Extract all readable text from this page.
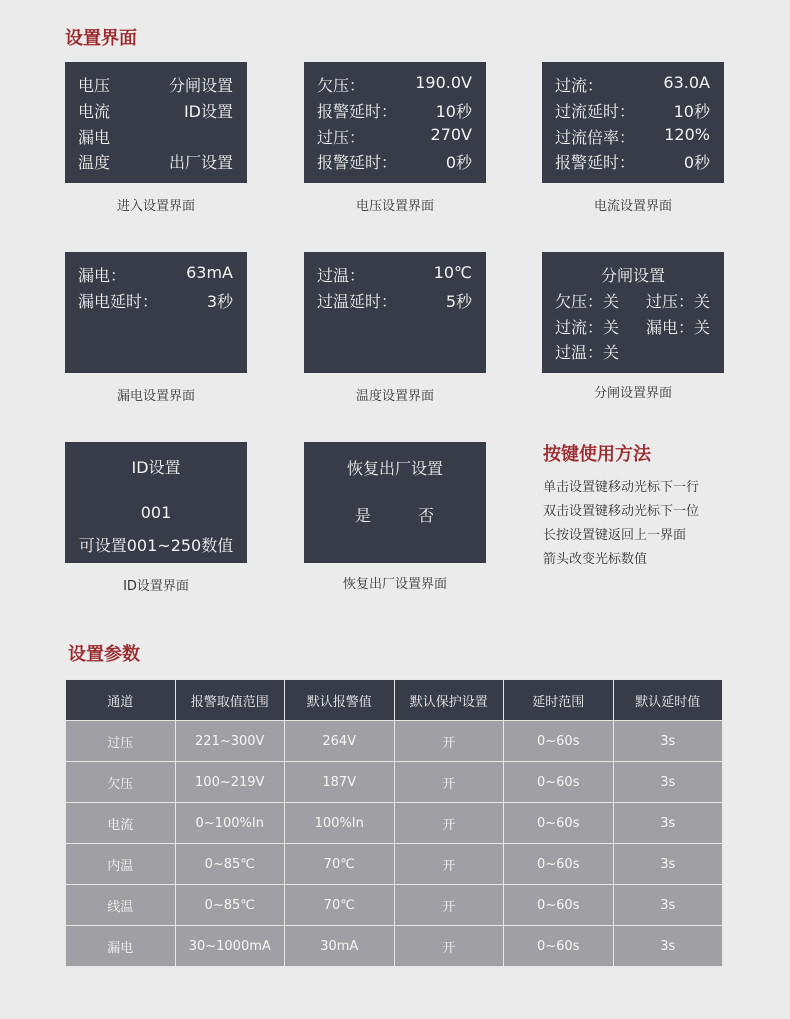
设置界面
电压	分闸设置
电流	ID设置
漏电
温度	出厂设置
进入设置界面
欠压：	190.0V
报警延时： 10秒
过压：	270V
报警延时：	0秒
电压设置界面
过流：	63.0A
过流延时： 10秒
过流倍率： 120%
报警延时：	0秒
电流设置界面
漏电：	63mA
漏电延时：	3秒
漏电设置界面
过温：	10℃
过温延时：	5秒
温度设置界面
分闸设置
欠压：关 过压：关
过流：关 漏电：关
过温：关
分闸设置界面
ID设置
001
可设置001~250数值
ID设置界面
恢复出厂设置
是	否
恢复出厂设置界面
按键使用方法
单击设置键移动光标下一行
双击设置键移动光标下一位
长按设置键返回上一界面
箭头改变光标数值
设置参数
通道	报警取值范围	默认报警值	默认保护设置	延时范围	默认延时值
过压	221~300V	264V	开	0~60s	3s
欠压	100~219V	187V	开	0~60s	3s
电流	0~100%In	100%In	开	0~60s	3s
内温	0~85℃	70℃	开	0~60s	3s
线温	0~85℃	70℃	开	0~60s	3s
漏电	30~1000mA	30mA	开	0~60s	3s
